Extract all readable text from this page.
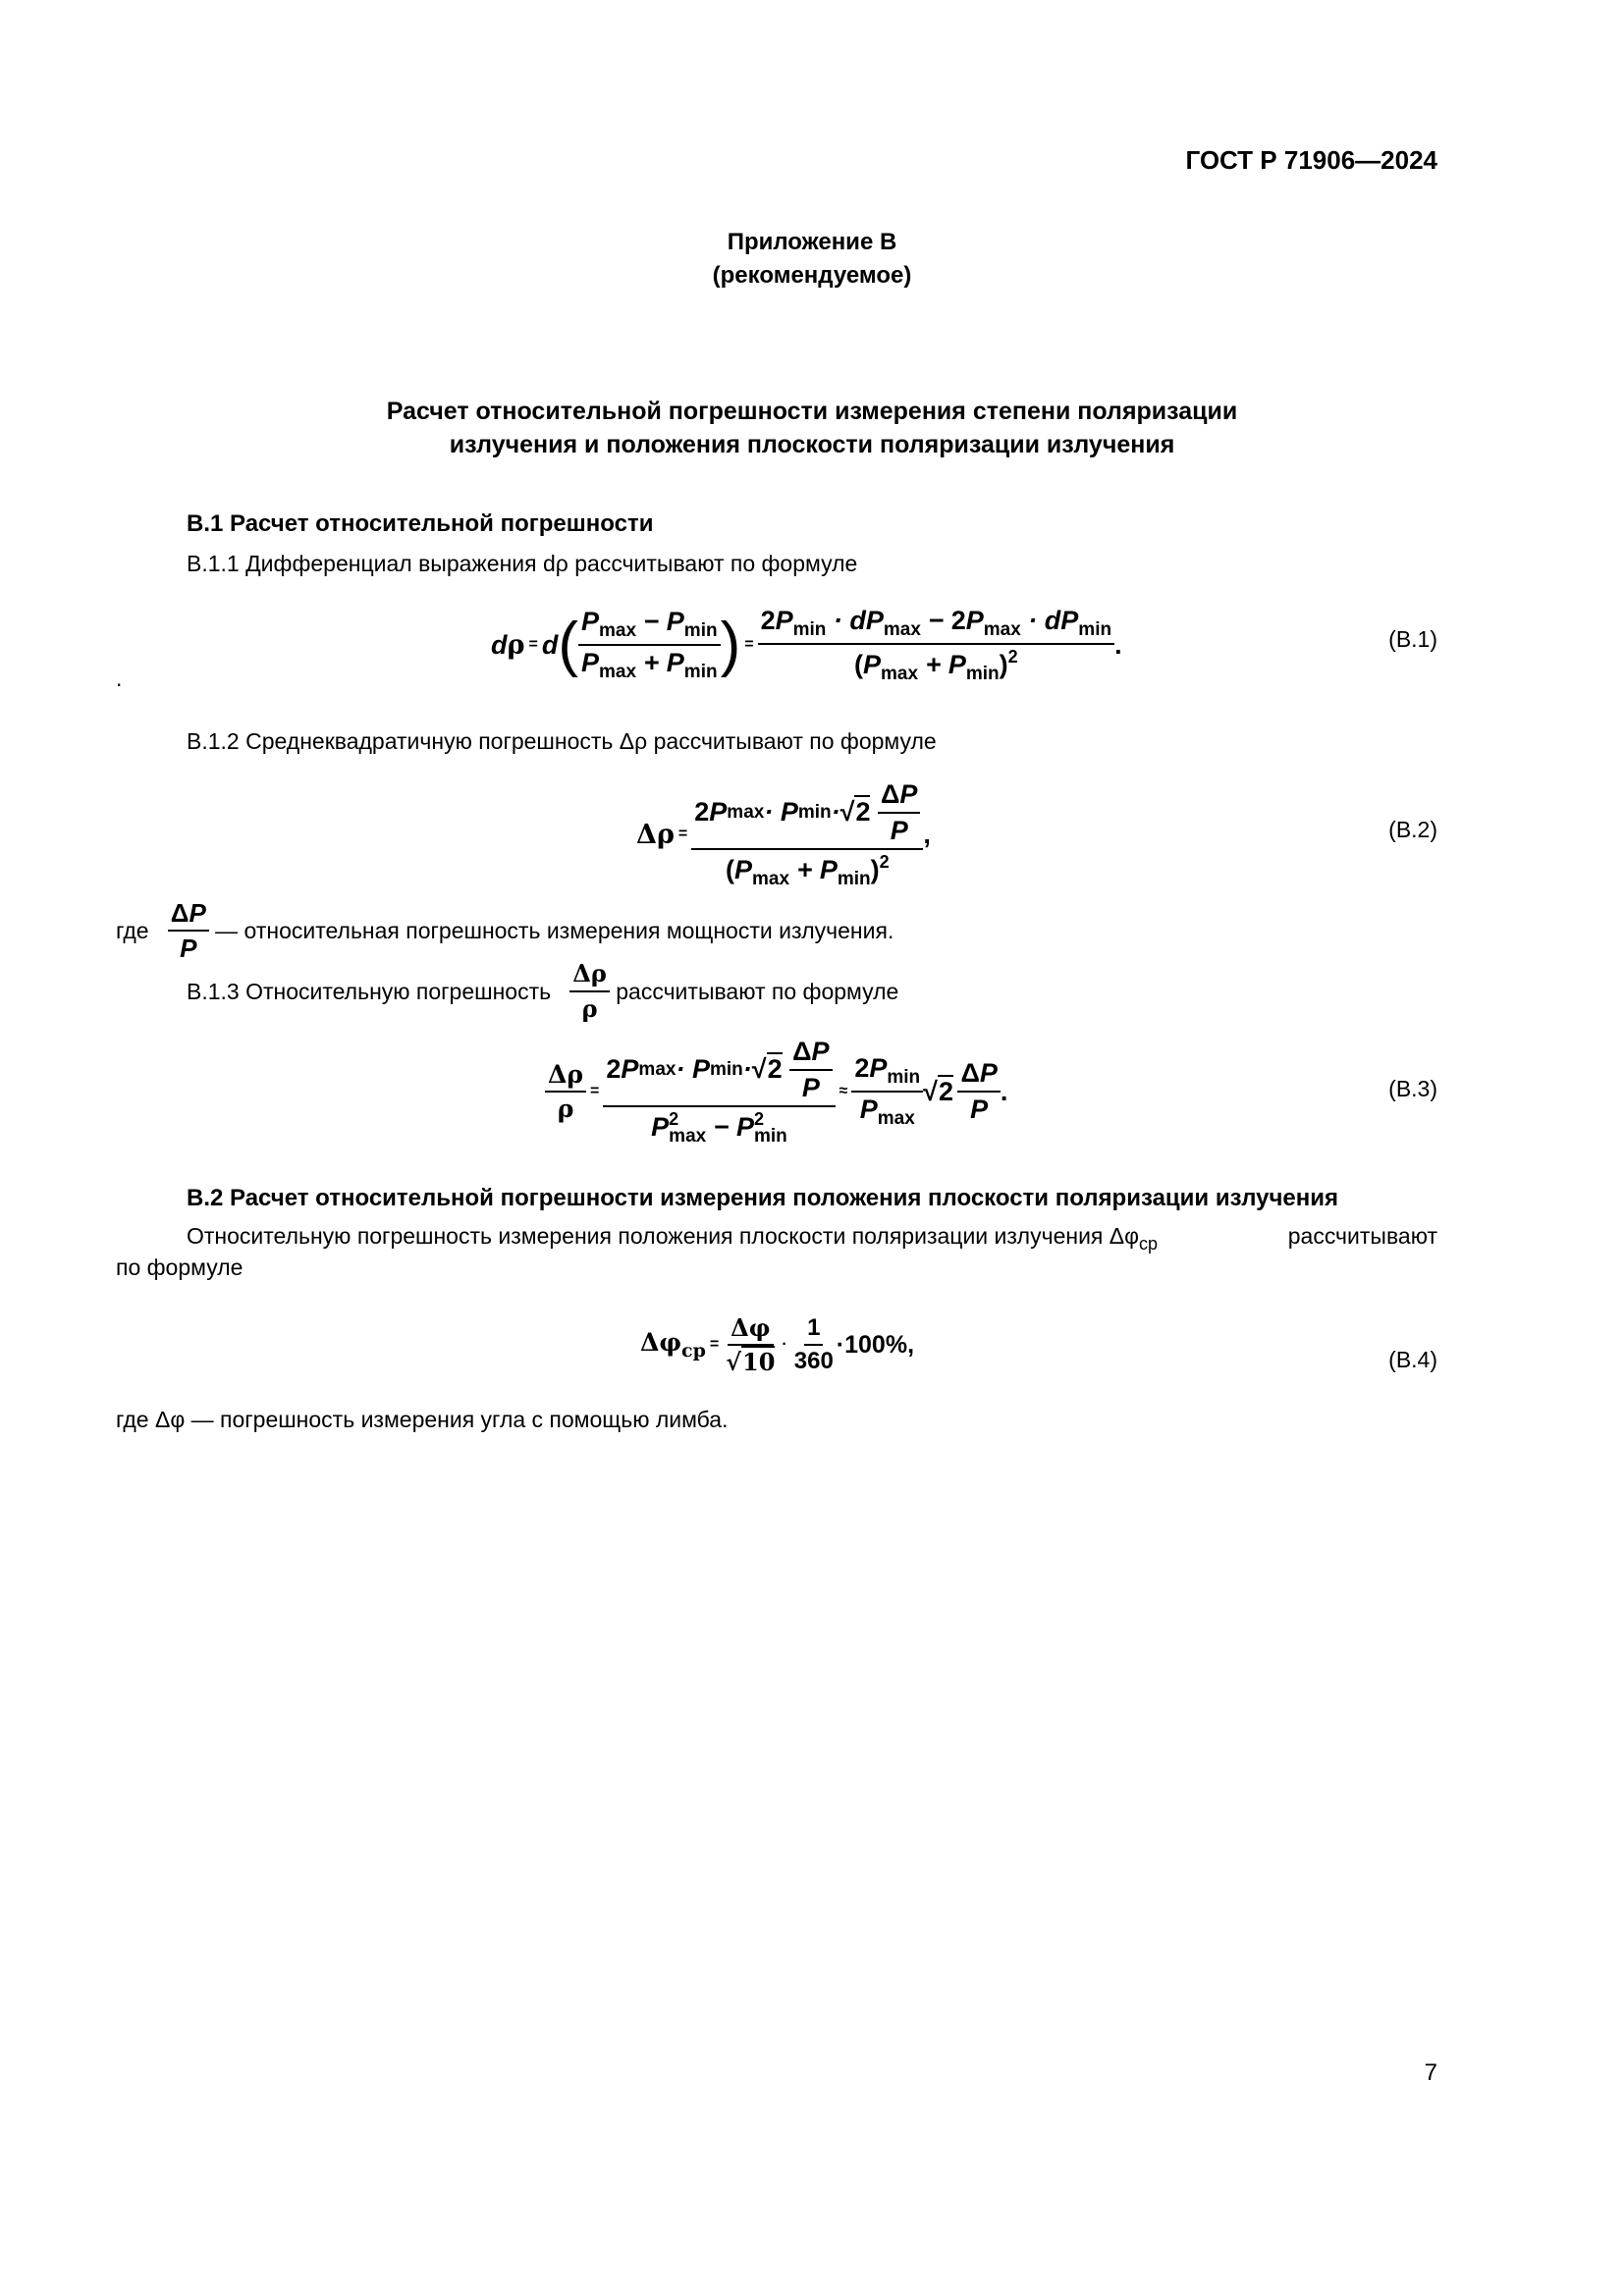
ГОСТ Р 71906—2024
Приложение В
(рекомендуемое)
Расчет относительной погрешности измерения степени поляризации
излучения и положения плоскости поляризации излучения
В.1 Расчет относительной погрешности
В.1.1 Дифференциал выражения dρ рассчитывают по формуле
d ρ = d ( $\frac{P_{max} - P_{min}}{P_{max} + P_{min}}$ ) = $\frac{2P_{min} \cdot dP_{max} - 2P_{max} \cdot dP_{min}}{(P_{max} + P_{min})^2}$ .	(В.1)
.
В.1.2 Среднеквадратичную погрешность Δρ рассчитывают по формуле
Δρ = 2 P max · P min · √2
$\frac{\Delta P}{P}$
$(P_{max} + P_{min})^2$ ,	(В.2)
где
$\frac{\Delta P}{P}$
— относительная погрешность измерения мощности излучения.
В.1.3 Относительную погрешность
$\frac{\Delta\rho}{\rho}$
рассчитывают по формуле
$\frac{\Delta\rho}{\rho} = 2$ P max · P min · √2
$\frac{\Delta P}{P}$
$P^2_{max} - P^2_{min} \approx \frac{2P_{min}}{P_{max}} √2$
$\frac{\Delta P}{P}$ .	(В.3)
В.2 Расчет относительной погрешности измерения положения плоскости поляризации излучения
Относительную погрешность измерения положения плоскости поляризации излучения Δφ ср	рассчитывают
по формуле
$\Delta\varphi_{ср} = \frac{\Delta\varphi}{√10} \cdot \frac{1}{360} \cdot 100\%$,
(В.4)
где Δφ — погрешность измерения угла с помощью лимба.
7
